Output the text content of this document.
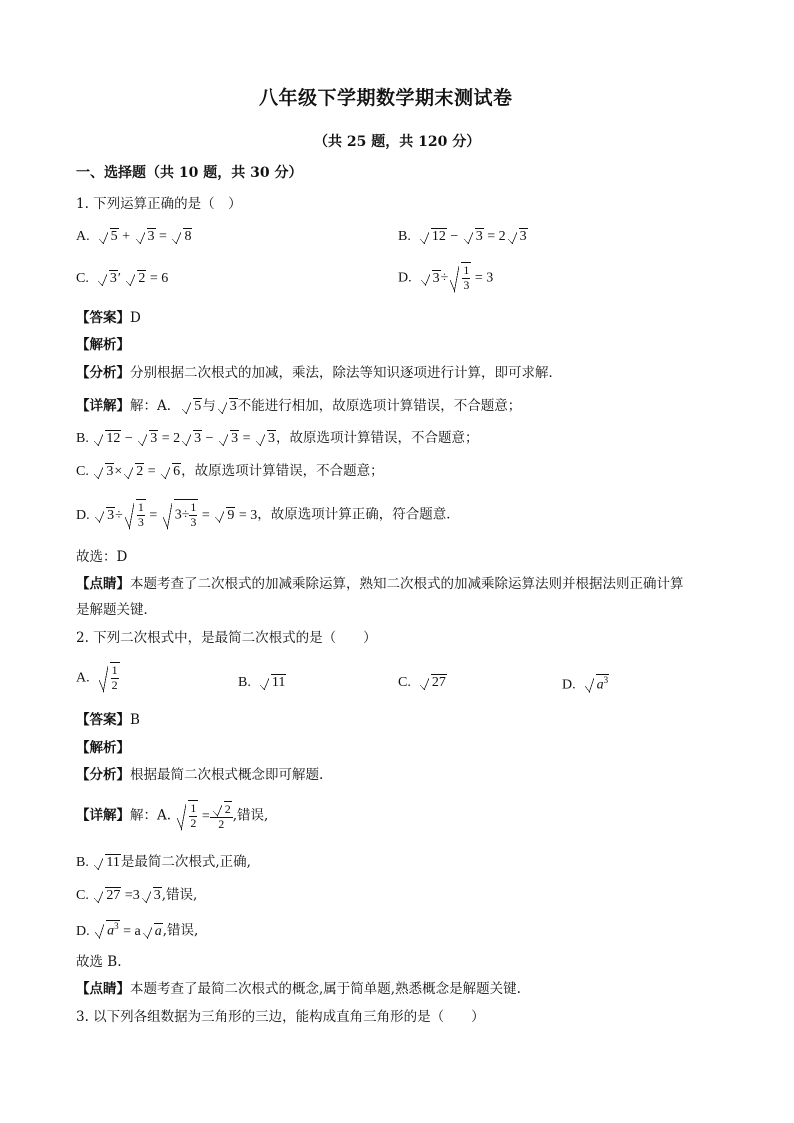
八年级下学期数学期末测试卷
（共 25 题，共 120 分）
一、选择题（共 10 题，共 30 分）
1. 下列运算正确的是（　）
A. 5 + 3 = 8	B. 12 − 3 = 2 3
C. 3′ 2 = 6	D. $3\div \frac{1}{3} = 3$
【答案】D
【解析】
【分析】分别根据二次根式的加减，乘法，除法等知识逐项进行计算，即可求解．
【详解】解：A． 5与 3不能进行相加，故原选项计算错误，不合题意；
B. 12 − 3 = 2 3 − 3 = 3，故原选项计算错误，不合题意；
C. 3× 2 = 6，故原选项计算错误，不合题意；
D. $3\div \frac{1}{3} = 3\div \frac{1}{3} = 9 = 3$，故原选项计算正确，符合题意．
故选：D
【点睛】本题考查了二次根式的加减乘除运算，熟知二次根式的加减乘除运算法则并根据法则正确计算
是解题关键．
2. 下列二次根式中，是最简二次根式的是（　　）
A. $\frac{1}{2}$	B.  11	C.  27	D.  $a^3$
【答案】B
【解析】
【分析】根据最简二次根式概念即可解题.
【详解】解：A. $\frac{1}{2} = \frac{2}{2}$ ,错误,
B. 11是最简二次根式,正确,
C. 27 =3 3,错误,
D. $a^3 = a$ a,错误,
故选 B.
【点睛】本题考查了最简二次根式的概念,属于简单题,熟悉概念是解题关键.
3. 以下列各组数据为三角形的三边，能构成直角三角形的是（　　）
